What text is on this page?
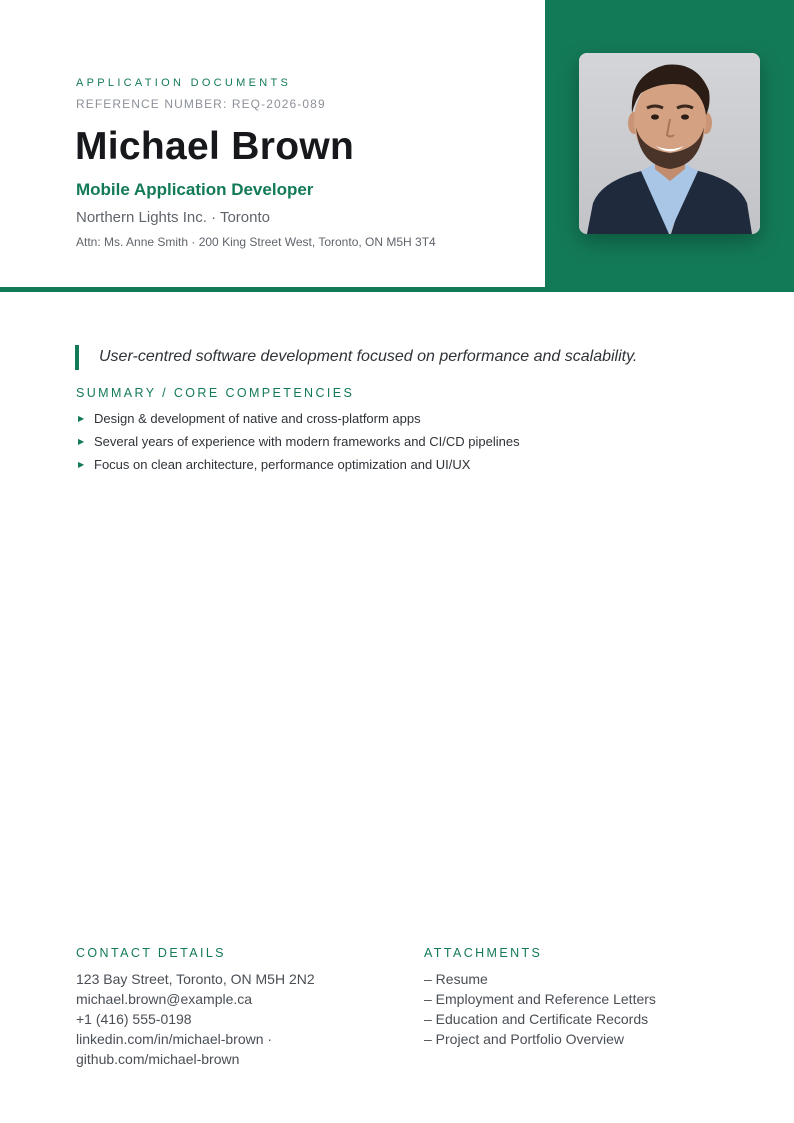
APPLICATION DOCUMENTS
REFERENCE NUMBER: REQ-2026-089
Michael Brown
Mobile Application Developer
Northern Lights Inc. · Toronto
Attn: Ms. Anne Smith · 200 King Street West, Toronto, ON M5H 3T4
User-centred software development focused on performance and scalability.
SUMMARY / CORE COMPETENCIES
▶ Design & development of native and cross-platform apps
▶ Several years of experience with modern frameworks and CI/CD pipelines
▶ Focus on clean architecture, performance optimization and UI/UX
CONTACT DETAILS
123 Bay Street, Toronto, ON M5H 2N2
michael.brown@example.ca
+1 (416) 555-0198
linkedin.com/in/michael-brown ·
github.com/michael-brown
ATTACHMENTS
– Resume
– Employment and Reference Letters
– Education and Certificate Records
– Project and Portfolio Overview
